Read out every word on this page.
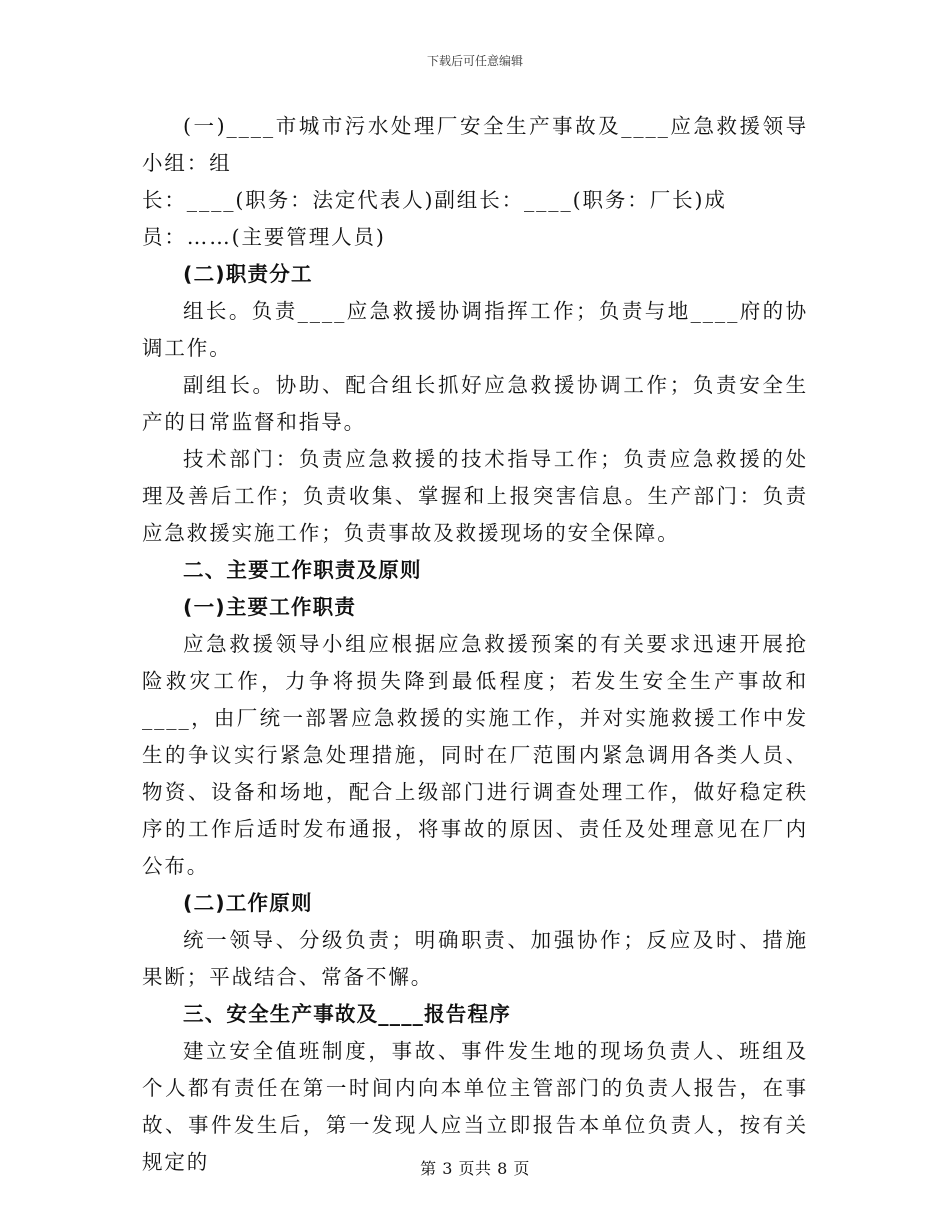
下载后可任意编辑

(一)____市城市污水处理厂安全生产事故及____应急救援领导小组：组

长：____(职务：法定代表人)副组长：____(职务：厂长)成

员：……(主要管理人员)

(二)职责分工

组长。负责____应急救援协调指挥工作；负责与地____府的协调工作。

副组长。协助、配合组长抓好应急救援协调工作；负责安全生产的日常监督和指导。

技术部门：负责应急救援的技术指导工作；负责应急救援的处理及善后工作；负责收集、掌握和上报突害信息。生产部门：负责应急救援实施工作；负责事故及救援现场的安全保障。

二、主要工作职责及原则

(一)主要工作职责

应急救援领导小组应根据应急救援预案的有关要求迅速开展抢险救灾工作，力争将损失降到最低程度；若发生安全生产事故和____，由厂统一部署应急救援的实施工作，并对实施救援工作中发生的争议实行紧急处理措施，同时在厂范围内紧急调用各类人员、物资、设备和场地，配合上级部门进行调查处理工作，做好稳定秩序的工作后适时发布通报，将事故的原因、责任及处理意见在厂内公布。

(二)工作原则

统一领导、分级负责；明确职责、加强协作；反应及时、措施果断；平战结合、常备不懈。

三、安全生产事故及____报告程序

建立安全值班制度，事故、事件发生地的现场负责人、班组及个人都有责任在第一时间内向本单位主管部门的负责人报告，在事故、事件发生后，第一发现人应当立即报告本单位负责人，按有关规定的	第 3 页共 8 页
